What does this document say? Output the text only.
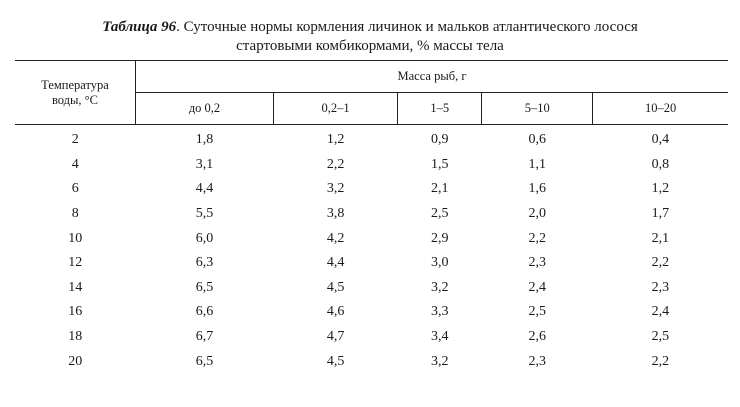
Таблица 96. Суточные нормы кормления личинок и мальков атлантического лосося
стартовыми комбикормами, % массы тела
Температура
воды, °С	Масса рыб, г				
	до 0,2	0,2–1	1–5	5–10	10–20
2	1,8	1,2	0,9	0,6	0,4
4	3,1	2,2	1,5	1,1	0,8
6	4,4	3,2	2,1	1,6	1,2
8	5,5	3,8	2,5	2,0	1,7
10	6,0	4,2	2,9	2,2	2,1
12	6,3	4,4	3,0	2,3	2,2
14	6,5	4,5	3,2	2,4	2,3
16	6,6	4,6	3,3	2,5	2,4
18	6,7	4,7	3,4	2,6	2,5
20	6,5	4,5	3,2	2,3	2,2
